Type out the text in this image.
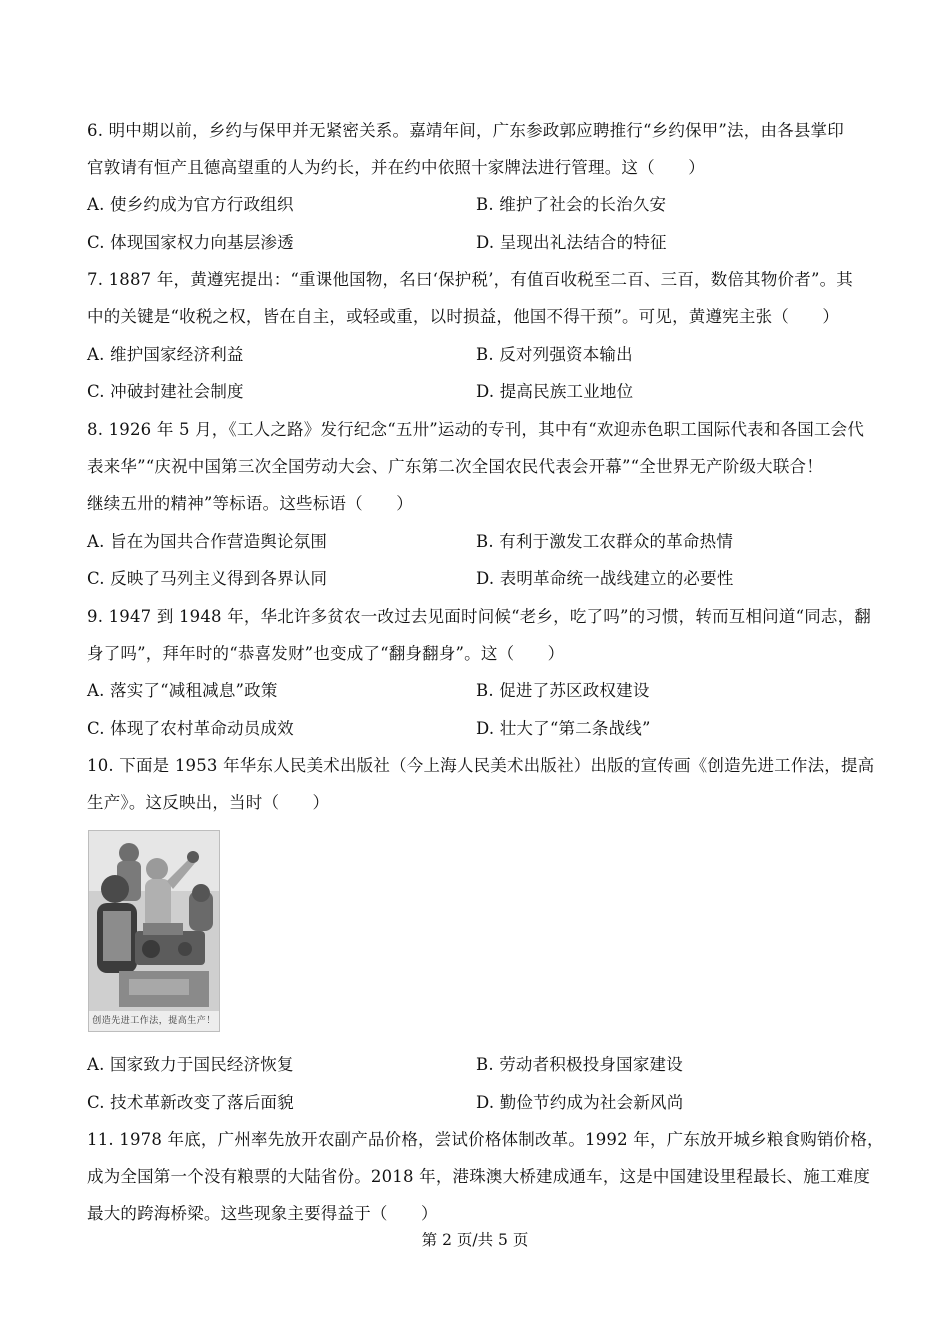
6. 明中期以前，乡约与保甲并无紧密关系。嘉靖年间，广东参政郭应聘推行“乡约保甲”法，由各县掌印
官敦请有恒产且德高望重的人为约长，并在约中依照十家牌法进行管理。这（　　）
A. 使乡约成为官方行政组织	B. 维护了社会的长治久安
C. 体现国家权力向基层渗透	D. 呈现出礼法结合的特征
7. 1887 年，黄遵宪提出：“重课他国物，名曰‘保护税’，有值百收税至二百、三百，数倍其物价者”。其
中的关键是“收税之权，皆在自主，或轻或重，以时损益，他国不得干预”。可见，黄遵宪主张（　　）
A. 维护国家经济利益	B. 反对列强资本输出
C. 冲破封建社会制度	D. 提高民族工业地位
8. 1926 年 5 月，《工人之路》发行纪念“五卅”运动的专刊，其中有“欢迎赤色职工国际代表和各国工会代
表来华”“庆祝中国第三次全国劳动大会、广东第二次全国农民代表会开幕”“全世界无产阶级大联合！
继续五卅的精神”等标语。这些标语（　　）
A. 旨在为国共合作营造舆论氛围	B. 有利于激发工农群众的革命热情
C. 反映了马列主义得到各界认同	D. 表明革命统一战线建立的必要性
9. 1947 到 1948 年，华北许多贫农一改过去见面时问候“老乡，吃了吗”的习惯，转而互相问道“同志，翻
身了吗”，拜年时的“恭喜发财”也变成了“翻身翻身”。这（　　）
A. 落实了“减租减息”政策	B. 促进了苏区政权建设
C. 体现了农村革命动员成效	D. 壮大了“第二条战线”
10. 下面是 1953 年华东人民美术出版社（今上海人民美术出版社）出版的宣传画《创造先进工作法，提高
生产》。这反映出，当时（　　）
创造先进工作法，提高生产！
A. 国家致力于国民经济恢复	B. 劳动者积极投身国家建设
C. 技术革新改变了落后面貌	D. 勤俭节约成为社会新风尚
11. 1978 年底，广州率先放开农副产品价格，尝试价格体制改革。1992 年，广东放开城乡粮食购销价格，
成为全国第一个没有粮票的大陆省份。2018 年，港珠澳大桥建成通车，这是中国建设里程最长、施工难度
最大的跨海桥梁。这些现象主要得益于（　　）
第 2 页/共 5 页
